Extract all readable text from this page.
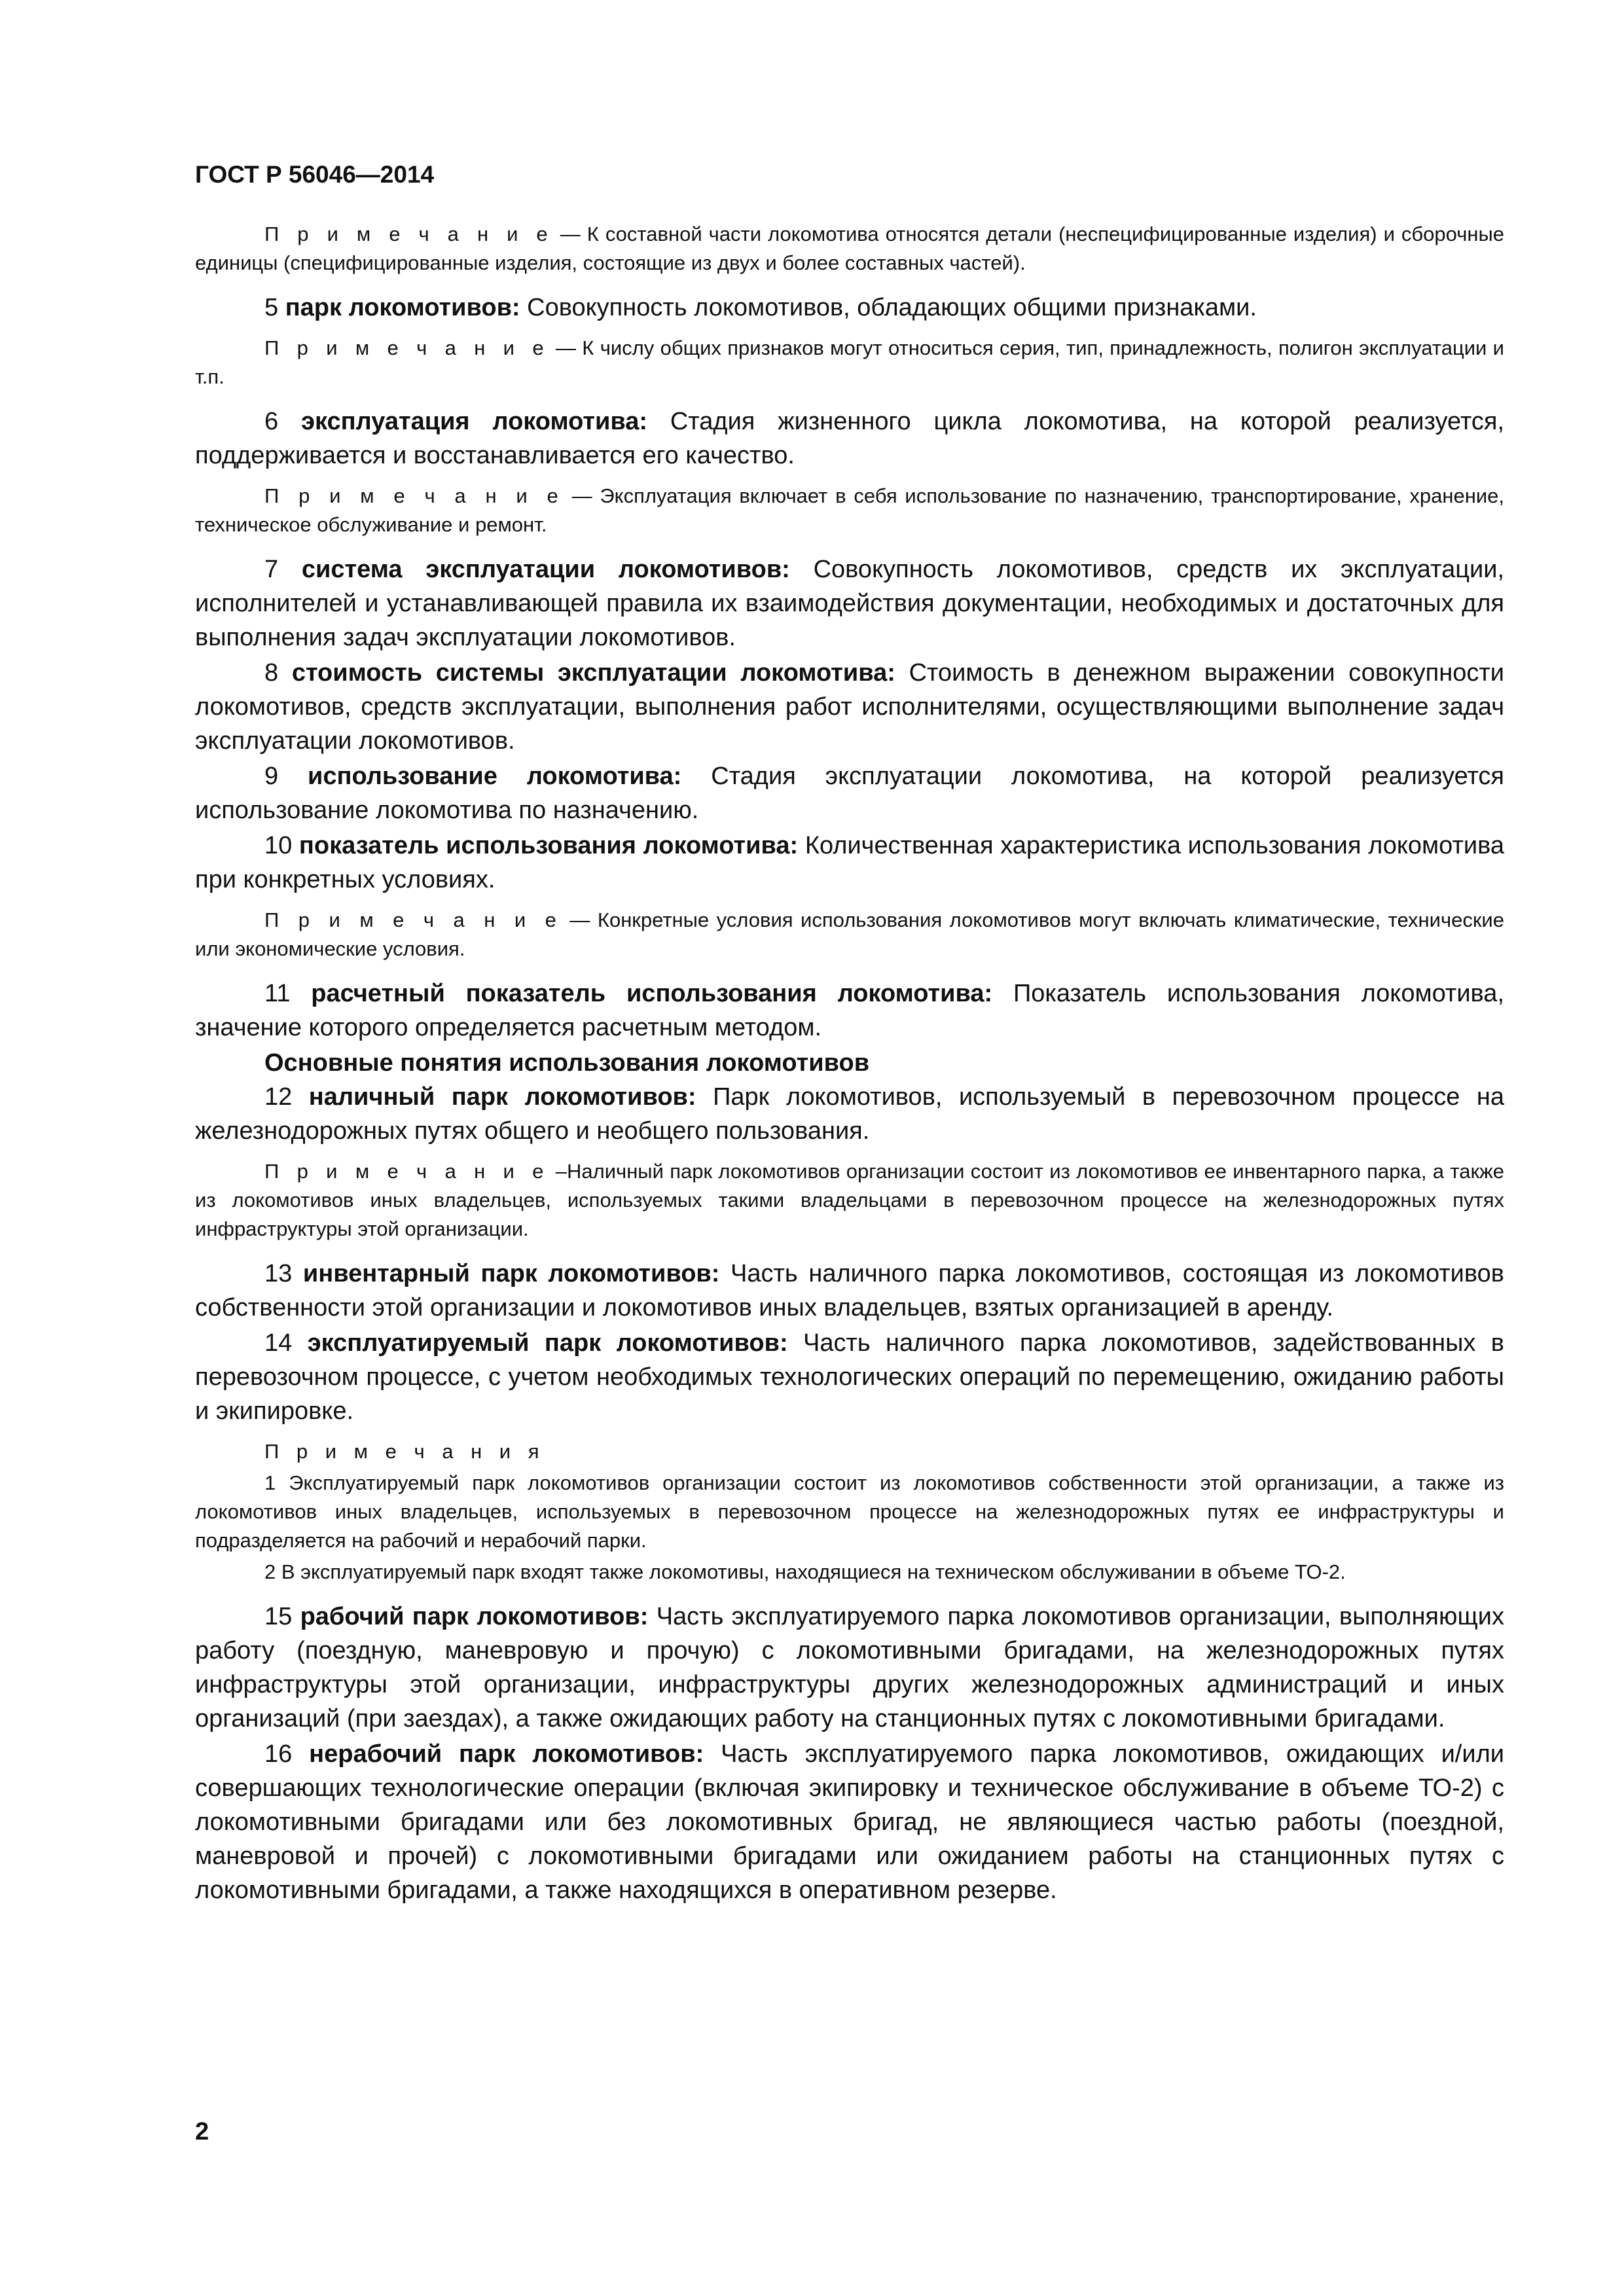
ГОСТ Р 56046—2014

П р и м е ч а н и е — К составной части локомотива относятся детали (неспецифицированные изделия) и сборочные единицы (специфицированные изделия, состоящие из двух и более составных частей).

5 парк локомотивов: Совокупность локомотивов, обладающих общими признаками.

П р и м е ч а н и е — К числу общих признаков могут относиться серия, тип, принадлежность, полигон эксплуатации и т.п.

6 эксплуатация локомотива: Стадия жизненного цикла локомотива, на которой реализуется, поддерживается и восстанавливается его качество.

П р и м е ч а н и е — Эксплуатация включает в себя использование по назначению, транспортирование, хранение, техническое обслуживание и ремонт.

7 система эксплуатации локомотивов: Совокупность локомотивов, средств их эксплуатации, исполнителей и устанавливающей правила их взаимодействия документации, необходимых и достаточных для выполнения задач эксплуатации локомотивов.

8 стоимость системы эксплуатации локомотива: Стоимость в денежном выражении совокупности локомотивов, средств эксплуатации, выполнения работ исполнителями, осуществляющими выполнение задач эксплуатации локомотивов.

9 использование локомотива: Стадия эксплуатации локомотива, на которой реализуется использование локомотива по назначению.

10 показатель использования локомотива: Количественная характеристика использования локомотива при конкретных условиях.

П р и м е ч а н и е — Конкретные условия использования локомотивов могут включать климатические, технические или экономические условия.

11 расчетный показатель использования локомотива: Показатель использования локомотива, значение которого определяется расчетным методом.

Основные понятия использования локомотивов

12 наличный парк локомотивов: Парк локомотивов, используемый в перевозочном процессе на железнодорожных путях общего и необщего пользования.

П р и м е ч а н и е –Наличный парк локомотивов организации состоит из локомотивов ее инвентарного парка, а также из локомотивов иных владельцев, используемых такими владельцами в перевозочном процессе на железнодорожных путях инфраструктуры этой организации.

13 инвентарный парк локомотивов: Часть наличного парка локомотивов, состоящая из локомотивов собственности этой организации и локомотивов иных владельцев, взятых организацией в аренду.

14 эксплуатируемый парк локомотивов: Часть наличного парка локомотивов, задействованных в перевозочном процессе, с учетом необходимых технологических операций по перемещению, ожиданию работы и экипировке.

П р и м е ч а н и я

1 Эксплуатируемый парк локомотивов организации состоит из локомотивов собственности этой организации, а также из локомотивов иных владельцев, используемых в перевозочном процессе на железнодорожных путях ее инфраструктуры и подразделяется на рабочий и нерабочий парки.

2 В эксплуатируемый парк входят также локомотивы, находящиеся на техническом обслуживании в объеме ТО-2.

15 рабочий парк локомотивов: Часть эксплуатируемого парка локомотивов организации, выполняющих работу (поездную, маневровую и прочую) с локомотивными бригадами, на железнодорожных путях инфраструктуры этой организации, инфраструктуры других железнодорожных администраций и иных организаций (при заездах), а также ожидающих работу на станционных путях с локомотивными бригадами.

16 нерабочий парк локомотивов: Часть эксплуатируемого парка локомотивов, ожидающих и/или совершающих технологические операции (включая экипировку и техническое обслуживание в объеме ТО-2) с локомотивными бригадами или без локомотивных бригад, не являющиеся частью работы (поездной, маневровой и прочей) с локомотивными бригадами или ожиданием работы на станционных путях с локомотивными бригадами, а также находящихся в оперативном резерве.

2
